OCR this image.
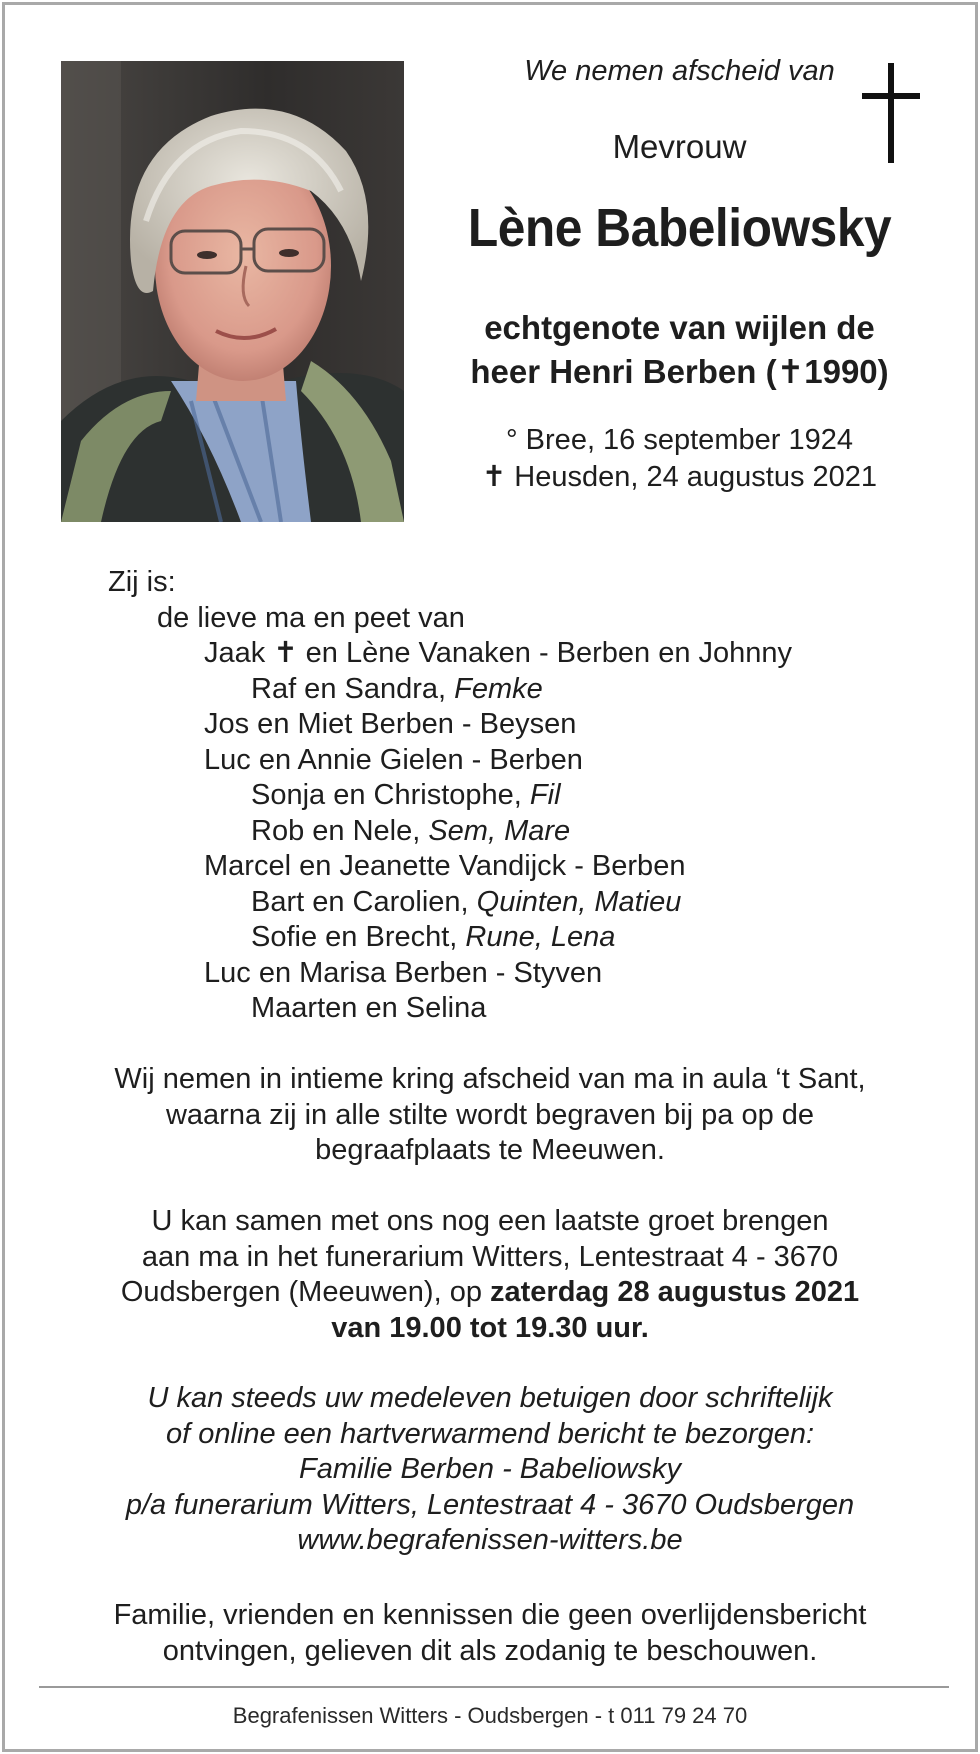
We nemen afscheid van
Mevrouw
Lène Babeliowsky
echtgenote van wijlen de
heer Henri Berben (✝1990)
° Bree, 16 september 1924
✝ Heusden, 24 augustus 2021
Zij is:
de lieve ma en peet van
Jaak ✝ en Lène Vanaken - Berben en Johnny
Raf en Sandra, Femke
Jos en Miet Berben - Beysen
Luc en Annie Gielen - Berben
Sonja en Christophe, Fil
Rob en Nele, Sem, Mare
Marcel en Jeanette Vandijck - Berben
Bart en Carolien, Quinten, Matieu
Sofie en Brecht, Rune, Lena
Luc en Marisa Berben - Styven
Maarten en Selina
Wij nemen in intieme kring afscheid van ma in aula ‘t Sant,
waarna zij in alle stilte wordt begraven bij pa op de
begraafplaats te Meeuwen.
U kan samen met ons nog een laatste groet brengen
aan ma in het funerarium Witters, Lentestraat 4 - 3670
Oudsbergen (Meeuwen), op zaterdag 28 augustus 2021
van 19.00 tot 19.30 uur.
U kan steeds uw medeleven betuigen door schriftelijk
of online een hartverwarmend bericht te bezorgen:
Familie Berben - Babeliowsky
p/a funerarium Witters, Lentestraat 4 - 3670 Oudsbergen
www.begrafenissen-witters.be
Familie, vrienden en kennissen die geen overlijdensbericht
ontvingen, gelieven dit als zodanig te beschouwen.
Begrafenissen Witters - Oudsbergen - t 011 79 24 70
